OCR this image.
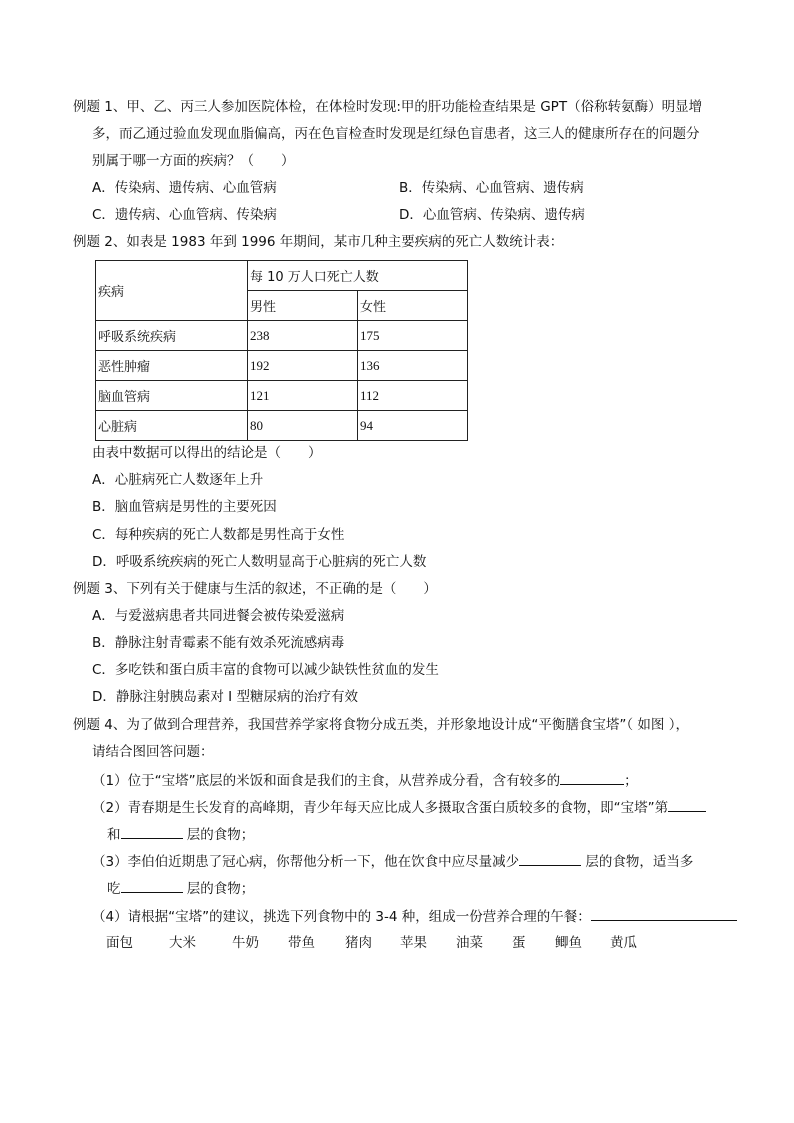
例题 1、甲、乙、丙三人参加医院体检，在体检时发现:甲的肝功能检查结果是 GPT（俗称转氨酶）明显增
多，而乙通过验血发现血脂偏高，丙在色盲检查时发现是红绿色盲患者，这三人的健康所存在的问题分
别属于哪一方面的疾病？（　　）
A．传染病、遗传病、心血管病	B．传染病、心血管病、遗传病
C．遗传病、心血管病、传染病	D．心血管病、传染病、遗传病
例题 2、如表是 1983 年到 1996 年期间，某市几种主要疾病的死亡人数统计表：
疾病	每 10 万人口死亡人数	
	男性	女性
呼吸系统疾病	238	175
恶性肿瘤	192	136
脑血管病	121	112
心脏病	80	94
由表中数据可以得出的结论是（　　）
A．心脏病死亡人数逐年上升
B．脑血管病是男性的主要死因
C．每种疾病的死亡人数都是男性高于女性
D．呼吸系统疾病的死亡人数明显高于心脏病的死亡人数
例题 3、下列有关于健康与生活的叙述，不正确的是（　　）
A．与爱滋病患者共同进餐会被传染爱滋病
B．静脉注射青霉素不能有效杀死流感病毒
C．多吃铁和蛋白质丰富的食物可以减少缺铁性贫血的发生
D．静脉注射胰岛素对 I 型糖尿病的治疗有效
例题 4、为了做到合理营养，我国营养学家将食物分成五类，并形象地设计成“平衡膳食宝塔”（ 如图 ），
请结合图回答问题：
（1）位于“宝塔”底层的米饭和面食是我们的主食，从营养成分看，含有较多的	；
（2）青春期是生长发育的高峰期，青少年每天应比成人多摄取含蛋白质较多的食物，即“宝塔”第
和	层的食物；
（3）李伯伯近期患了冠心病，你帮他分析一下，他在饮食中应尽量减少	层的食物，适当多
吃	层的食物；
（4）请根据“宝塔”的建议，挑选下列食物中的 3-4 种，组成一份营养合理的午餐：
面包	大米	牛奶 带鱼 猪肉 苹果 油菜 蛋 鲫鱼 黄瓜
